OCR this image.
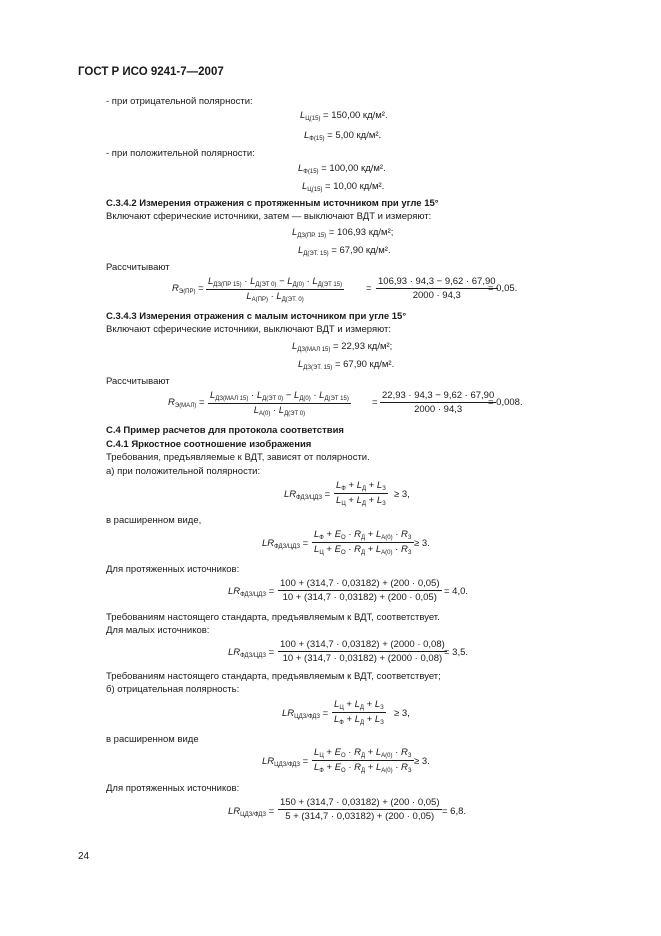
ГОСТ Р ИСО 9241-7—2007
- при отрицательной полярности:
$L_{Ц(15)} = 150,00$ кд/м².
$L_{Ф(15)} = 5,00$ кд/м².
- при положительной полярности:
$L_{Ф(15)} = 100,00$ кд/м².
$L_{Ц(15)} = 10,00$ кд/м².
С.3.4.2 Измерения отражения с протяженным источником при угле 15°
Включают сферические источники, затем — выключают ВДТ и измеряют:
$L_{ДЗ(ПР. 15)} = 106,93$ кд/м²;
$L_{Д(ЭТ. 15)} = 67,90$ кд/м².
Рассчитывают
$R_{Э(ПР)}$ =
$L_{ДЗ(ПР 15)} \cdot L_{Д(ЭТ 0)} - L_{Д(0)} \cdot L_{Д(ЭТ 15)}$
$L_{А(ПР)} \cdot L_{Д(ЭТ. 0)}$
=
106,93 · 94,3 − 9,62 · 67,90
2000 · 94,3
= 0,05.
С.3.4.3 Измерения отражения с малым источником при угле 15°
Включают сферические источники, выключают ВДТ и измеряют:
$L_{ДЗ(МАЛ 15)} = 22,93$ кд/м²;
$L_{ДЗ(ЭТ. 15)} = 67,90$ кд/м².
Рассчитывают
$R_{Э(МАЛ)}$ =
$L_{ДЗ(МАЛ 15)} \cdot L_{Д(ЭТ 0)} - L_{Д(0)} \cdot L_{Д(ЭТ 15)}$
$L_{А(0)} \cdot L_{Д(ЭТ 0)}$
=
22,93 · 94,3 − 9,62 · 67,90
2000 · 94,3
= 0,008.
С.4 Пример расчетов для протокола соответствия
С.4.1 Яркостное соотношение изображения
Требования, предъявляемые к ВДТ, зависят от полярности.
а) при положительной полярности:
$LR_{ФДЗ/ЦДЗ}$ =
$L_Ф + L_Д + L_З$
$L_Ц + L_Д + L_З$
≥ 3,
в расширенном виде,
$LR_{ФДЗ/ЦДЗ}$ =
$L_Ф + E_O \cdot R_Д + L_{А(0)} \cdot R_З$
$L_Ц + E_O \cdot R_Д + L_{А(0)} \cdot R_З$
≥ 3.
Для протяженных источников:
$LR_{ФДЗ/ЦДЗ}$ =
100 + (314,7 · 0,03182) + (200 · 0,05)
10 + (314,7 · 0,03182) + (200 · 0,05)
= 4,0.
Требованиям настоящего стандарта, предъявляемым к ВДТ, соответствует.
Для малых источников:
$LR_{ФДЗ/ЦДЗ}$ =
100 + (314,7 · 0,03182) + (2000 · 0,08)
10 + (314,7 · 0,03182) + (2000 · 0,08)
= 3,5.
Требованиям настоящего стандарта, предъявляемым к ВДТ, соответствует;
б) отрицательная полярность:
$LR_{ЦДЗ/ФДЗ}$ =
$L_Ц + L_Д + L_З$
$L_Ф + L_Д + L_З$
≥ 3,
в расширенном виде
$LR_{ЦДЗ/ФДЗ}$ =
$L_Ц + E_O \cdot R_Д + L_{А(0)} \cdot R_З$
$L_Ф + E_O \cdot R_Д + L_{А(0)} \cdot R_З$
≥ 3.
Для протяженных источников:
$LR_{ЦДЗ/ФДЗ}$ =
150 + (314,7 · 0,03182) + (200 · 0,05)
5 + (314,7 · 0,03182) + (200 · 0,05) = 6,8.
24
